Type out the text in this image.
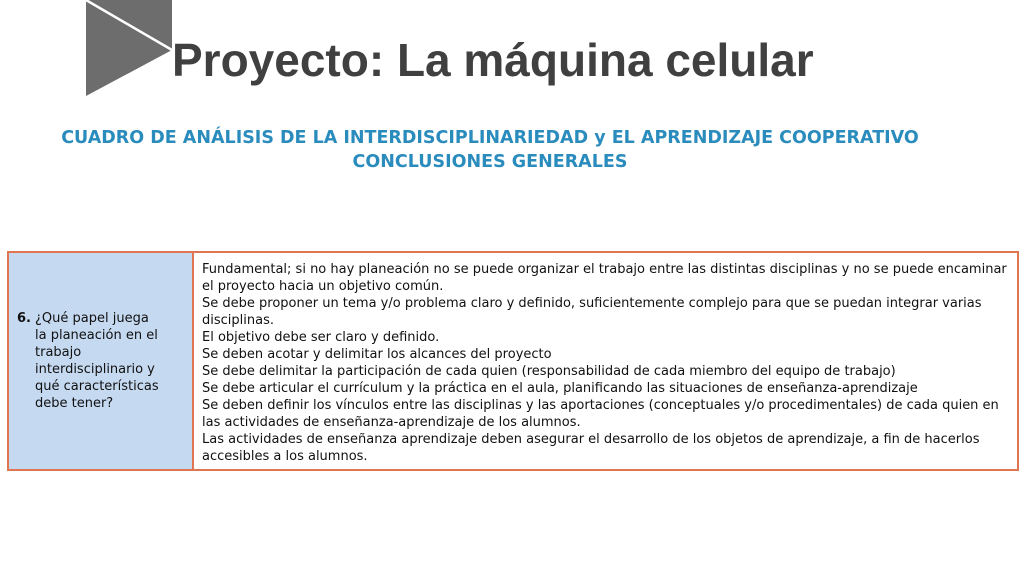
Proyecto: La máquina celular
CUADRO DE ANÁLISIS DE LA INTERDISCIPLINARIEDAD y EL APRENDIZAJE COOPERATIVO
CONCLUSIONES GENERALES
6. ¿Qué papel juega la planeación en el trabajo interdisciplinario y qué características debe tener?

Fundamental; si no hay planeación no se puede organizar el trabajo entre las distintas disciplinas y no se puede encaminar el proyecto hacia un objetivo común.

Se debe proponer un tema y/o problema claro y definido, suficientemente complejo para que se puedan integrar varias disciplinas.

El objetivo debe ser claro y definido.

Se deben acotar y delimitar los alcances del proyecto

Se debe delimitar la participación de cada quien (responsabilidad de cada miembro del equipo de trabajo)

Se debe articular el currículum y la práctica en el aula, planificando las situaciones de enseñanza-aprendizaje

Se deben definir los vínculos entre las disciplinas y las aportaciones (conceptuales y/o procedimentales) de cada quien en las actividades de enseñanza-aprendizaje de los alumnos.

Las actividades de enseñanza aprendizaje deben asegurar el desarrollo de los objetos de aprendizaje, a fin de hacerlos accesibles a los alumnos.
